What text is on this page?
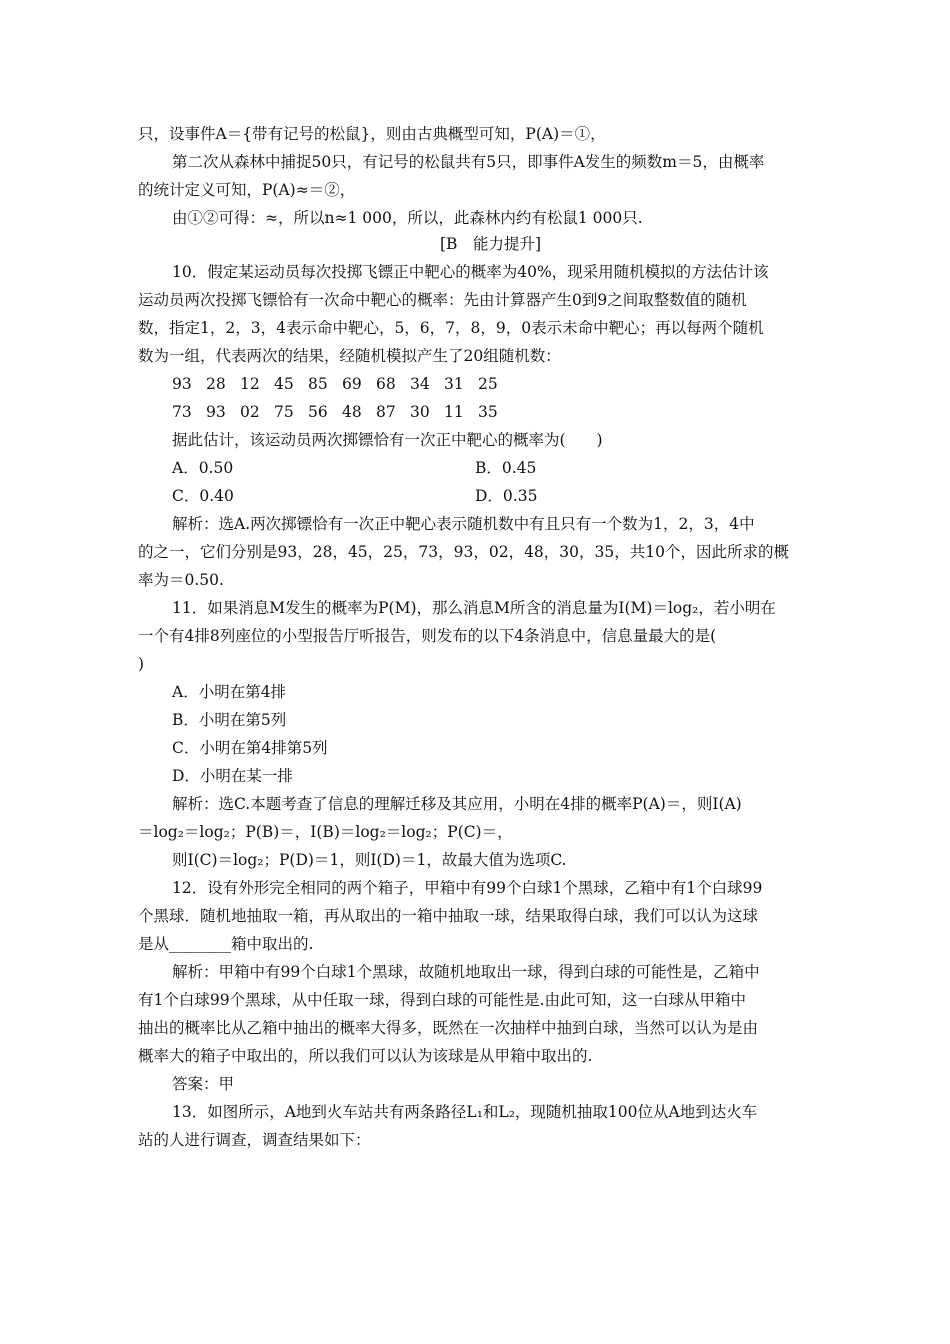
只，设事件A＝{带有记号的松鼠}，则由古典概型可知，P(A)＝①，
第二次从森林中捕捉50只，有记号的松鼠共有5只，即事件A发生的频数m＝5，由概率
的统计定义可知，P(A)≈＝②，
由①②可得：≈，所以n≈1 000，所以，此森林内约有松鼠1 000只.
[B　能力提升]
10．假定某运动员每次投掷飞镖正中靶心的概率为40%，现采用随机模拟的方法估计该
运动员两次投掷飞镖恰有一次命中靶心的概率：先由计算器产生0到9之间取整数值的随机
数，指定1，2，3，4表示命中靶心，5，6，7，8，9，0表示未命中靶心；再以每两个随机
数为一组，代表两次的结果，经随机模拟产生了20组随机数：
93 28 12 45 85 69 68 34 31 25
73 93 02 75 56 48 87 30 11 35
据此估计，该运动员两次掷镖恰有一次正中靶心的概率为(　　)
A．0.50	B．0.45
C．0.40	D．0.35
解析：选A.两次掷镖恰有一次正中靶心表示随机数中有且只有一个数为1，2，3，4中
的之一，它们分别是93，28，45，25，73，93，02，48，30，35，共10个，因此所求的概
率为＝0.50.
11．如果消息M发生的概率为P(M)，那么消息M所含的消息量为I(M)＝log₂，若小明在
一个有4排8列座位的小型报告厅听报告，则发布的以下4条消息中，信息量最大的是(
)
A．小明在第4排
B．小明在第5列
C．小明在第4排第5列
D．小明在某一排
解析：选C.本题考查了信息的理解迁移及其应用，小明在4排的概率P(A)＝，则I(A)
＝log₂＝log₂；P(B)＝，I(B)＝log₂＝log₂；P(C)＝，
则I(C)＝log₂；P(D)＝1，则I(D)＝1，故最大值为选项C.
12．设有外形完全相同的两个箱子，甲箱中有99个白球1个黑球，乙箱中有1个白球99
个黑球．随机地抽取一箱，再从取出的一箱中抽取一球，结果取得白球，我们可以认为这球
是从________箱中取出的.
解析：甲箱中有99个白球1个黑球，故随机地取出一球，得到白球的可能性是，乙箱中
有1个白球99个黑球，从中任取一球，得到白球的可能性是.由此可知，这一白球从甲箱中
抽出的概率比从乙箱中抽出的概率大得多，既然在一次抽样中抽到白球，当然可以认为是由
概率大的箱子中取出的，所以我们可以认为该球是从甲箱中取出的.
答案：甲
13．如图所示，A地到火车站共有两条路径L₁和L₂，现随机抽取100位从A地到达火车
站的人进行调查，调查结果如下：
